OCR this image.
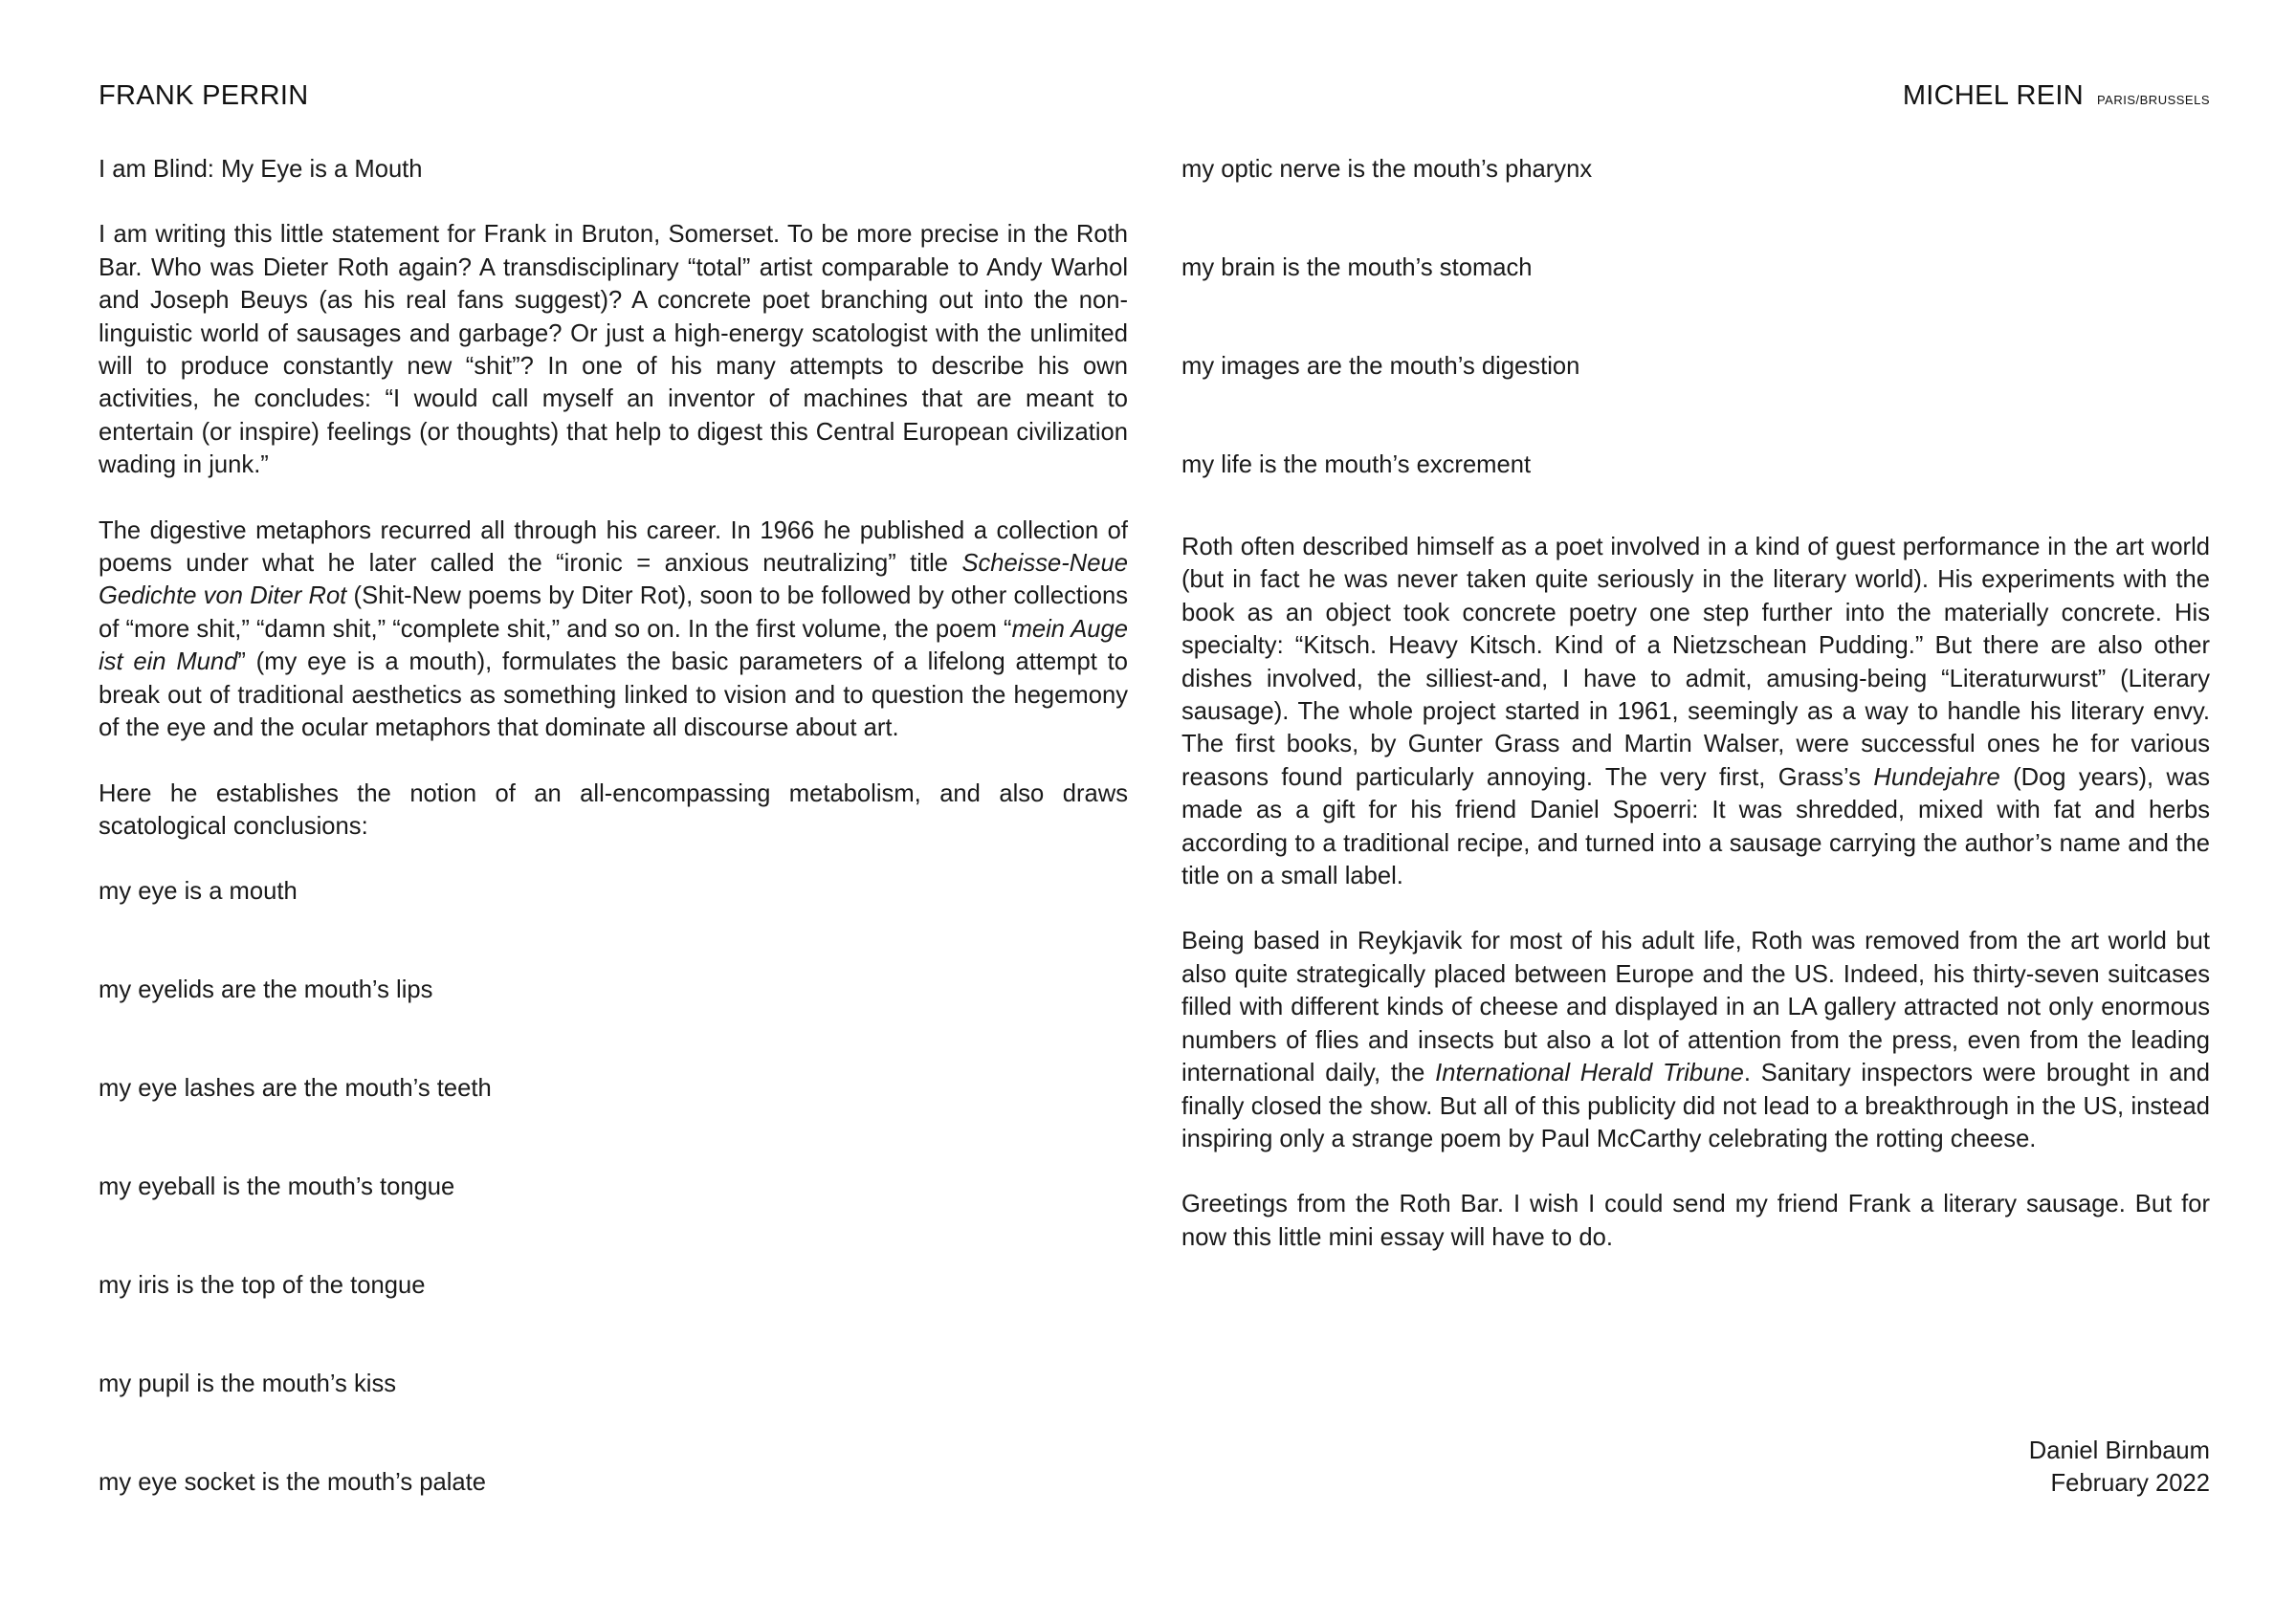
FRANK PERRIN	MICHEL REIN PARIS/BRUSSELS

I am Blind: My Eye is a Mouth

I am writing this little statement for Frank in Bruton, Somerset. To be more precise in the Roth Bar. Who was Dieter Roth again? A transdisciplinary “total” artist comparable to Andy Warhol and Joseph Beuys (as his real fans suggest)? A concrete poet branching out into the non-linguistic world of sausages and garbage? Or just a high-energy scatologist with the unlimited will to produce constantly new “shit”? In one of his many attempts to describe his own activities, he concludes: “I would call myself an inventor of machines that are meant to entertain (or inspire) feelings (or thoughts) that help to digest this Central European civilization wading in junk.”

The digestive metaphors recurred all through his career. In 1966 he published a collection of poems under what he later called the “ironic = anxious neutralizing” title Scheisse-Neue Gedichte von Diter Rot (Shit-New poems by Diter Rot), soon to be followed by other collections of “more shit,” “damn shit,” “complete shit,” and so on. In the first volume, the poem “mein Auge ist ein Mund” (my eye is a mouth), formulates the basic parameters of a lifelong attempt to break out of traditional aesthetics as something linked to vision and to question the hegemony of the eye and the ocular metaphors that dominate all discourse about art.

Here he establishes the notion of an all-encompassing metabolism, and also draws scatological conclusions:

my eye is a mouth

my eyelids are the mouth’s lips

my eye lashes are the mouth’s teeth

my eyeball is the mouth’s tongue

my iris is the top of the tongue

my pupil is the mouth’s kiss

my eye socket is the mouth’s palate

my optic nerve is the mouth’s pharynx

my brain is the mouth’s stomach

my images are the mouth’s digestion

my life is the mouth’s excrement

Roth often described himself as a poet involved in a kind of guest performance in the art world (but in fact he was never taken quite seriously in the literary world). His experiments with the book as an object took concrete poetry one step further into the materially concrete. His specialty: “Kitsch. Heavy Kitsch. Kind of a Nietzschean Pudding.” But there are also other dishes involved, the silliest-and, I have to admit, amusing-being “Literaturwurst” (Literary sausage). The whole project started in 1961, seemingly as a way to handle his literary envy. The first books, by Gunter Grass and Martin Walser, were successful ones he for various reasons found particularly annoying. The very first, Grass’s Hundejahre (Dog years), was made as a gift for his friend Daniel Spoerri: It was shredded, mixed with fat and herbs according to a traditional recipe, and turned into a sausage carrying the author’s name and the title on a small label.

Being based in Reykjavik for most of his adult life, Roth was removed from the art world but also quite strategically placed between Europe and the US. Indeed, his thirty-seven suitcases filled with different kinds of cheese and displayed in an LA gallery attracted not only enormous numbers of flies and insects but also a lot of attention from the press, even from the leading international daily, the International Herald Tribune. Sanitary inspectors were brought in and finally closed the show. But all of this publicity did not lead to a breakthrough in the US, instead inspiring only a strange poem by Paul McCarthy celebrating the rotting cheese.

Greetings from the Roth Bar. I wish I could send my friend Frank a literary sausage. But for now this little mini essay will have to do.

Daniel Birnbaum
February 2022
